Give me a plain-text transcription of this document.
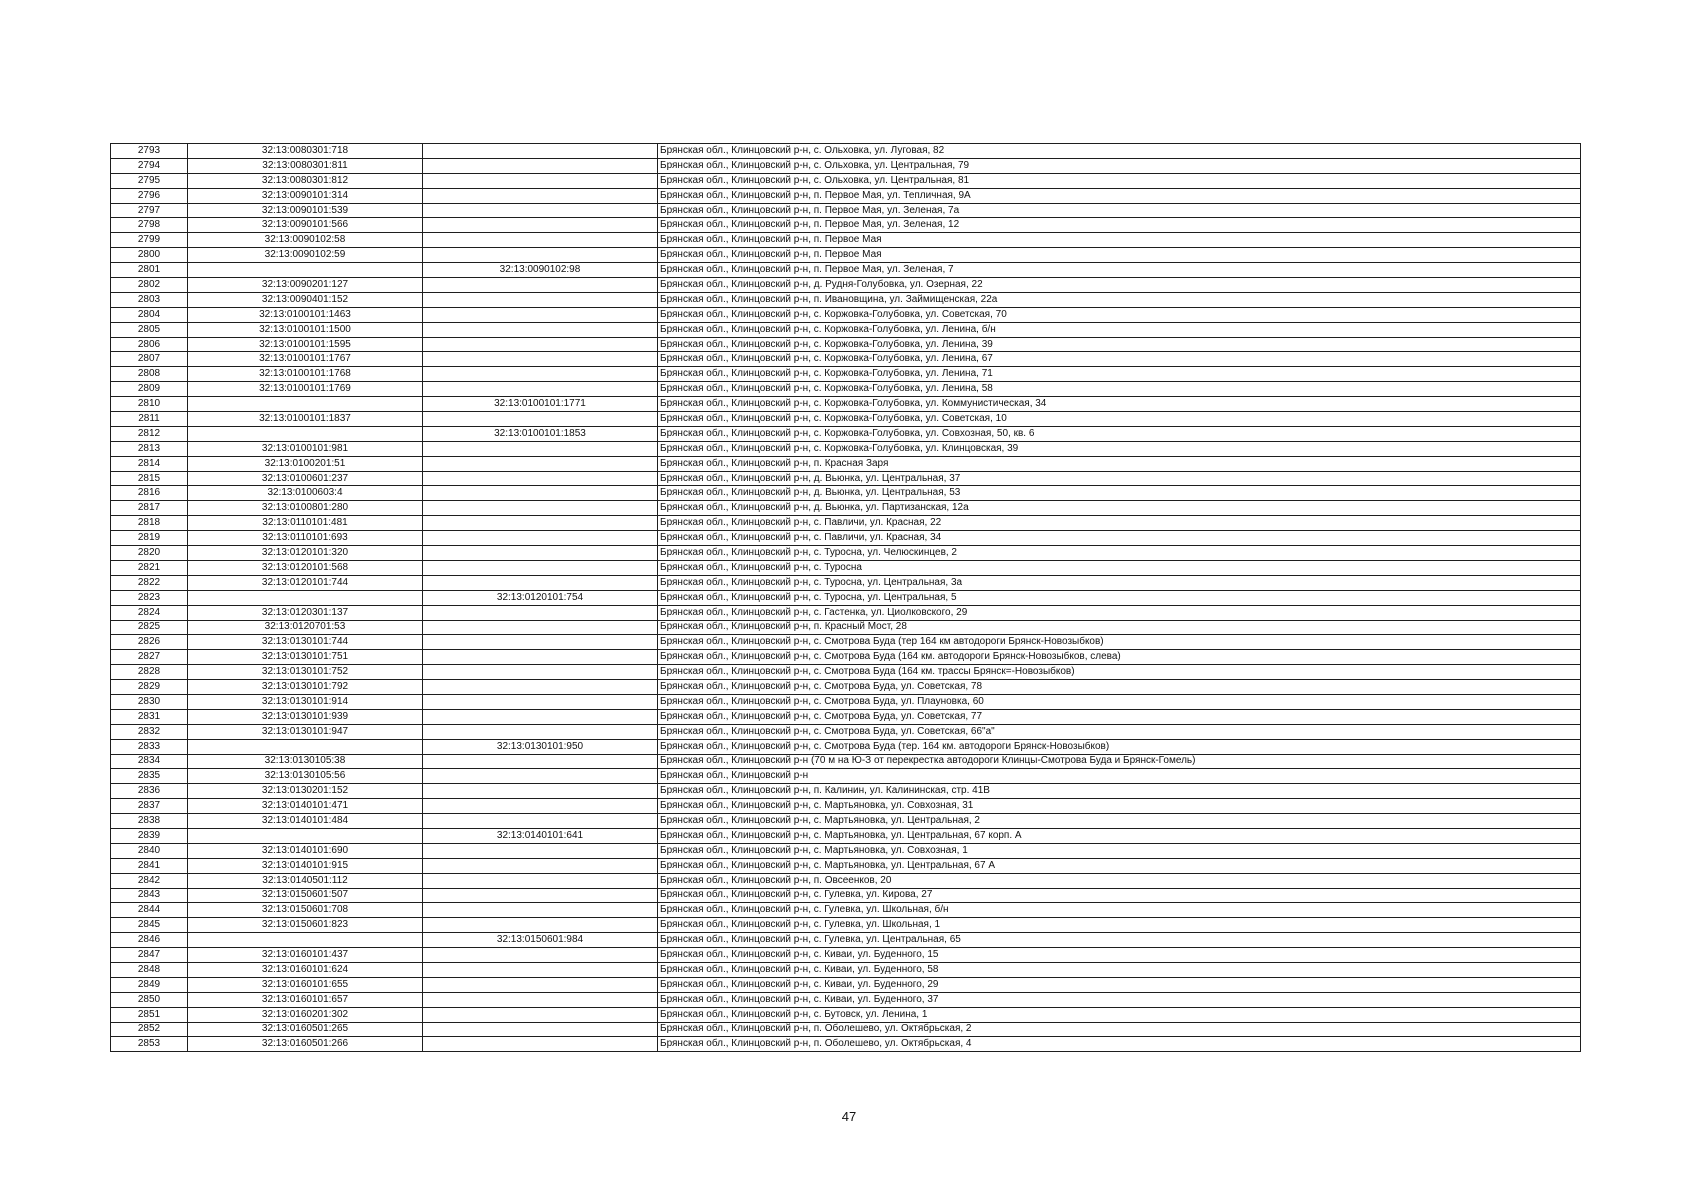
2793	32:13:0080301:718		Брянская обл., Клинцовский р-н, с. Ольховка, ул. Луговая, 82
2794	32:13:0080301:811		Брянская обл., Клинцовский р-н, с. Ольховка, ул. Центральная, 79
2795	32:13:0080301:812		Брянская обл., Клинцовский р-н, с. Ольховка, ул. Центральная, 81
2796	32:13:0090101:314		Брянская обл., Клинцовский р-н, п. Первое Мая, ул. Тепличная, 9А
2797	32:13:0090101:539		Брянская обл., Клинцовский р-н, п. Первое Мая, ул. Зеленая, 7а
2798	32:13:0090101:566		Брянская обл., Клинцовский р-н, п. Первое Мая, ул. Зеленая, 12
2799	32:13:0090102:58		Брянская обл., Клинцовский р-н, п. Первое Мая
2800	32:13:0090102:59		Брянская обл., Клинцовский р-н, п. Первое Мая
2801		32:13:0090102:98	Брянская обл., Клинцовский р-н, п. Первое Мая, ул. Зеленая, 7
2802	32:13:0090201:127		Брянская обл., Клинцовский р-н, д. Рудня-Голубовка, ул. Озерная, 22
2803	32:13:0090401:152		Брянская обл., Клинцовский р-н, п. Ивановщина, ул. Займищенская, 22а
2804	32:13:0100101:1463		Брянская обл., Клинцовский р-н, с. Коржовка-Голубовка, ул. Советская, 70
2805	32:13:0100101:1500		Брянская обл., Клинцовский р-н, с. Коржовка-Голубовка, ул. Ленина, б/н
2806	32:13:0100101:1595		Брянская обл., Клинцовский р-н, с. Коржовка-Голубовка, ул. Ленина, 39
2807	32:13:0100101:1767		Брянская обл., Клинцовский р-н, с. Коржовка-Голубовка, ул. Ленина, 67
2808	32:13:0100101:1768		Брянская обл., Клинцовский р-н, с. Коржовка-Голубовка, ул. Ленина, 71
2809	32:13:0100101:1769		Брянская обл., Клинцовский р-н, с. Коржовка-Голубовка, ул. Ленина, 58
2810		32:13:0100101:1771	Брянская обл., Клинцовский р-н, с. Коржовка-Голубовка, ул. Коммунистическая, 34
2811	32:13:0100101:1837		Брянская обл., Клинцовский р-н, с. Коржовка-Голубовка, ул. Советская, 10
2812		32:13:0100101:1853	Брянская обл., Клинцовский р-н, с. Коржовка-Голубовка, ул. Совхозная, 50, кв. 6
2813	32:13:0100101:981		Брянская обл., Клинцовский р-н, с. Коржовка-Голубовка, ул. Клинцовская, 39
2814	32:13:0100201:51		Брянская обл., Клинцовский р-н, п. Красная Заря
2815	32:13:0100601:237		Брянская обл., Клинцовский р-н, д. Вьюнка, ул. Центральная, 37
2816	32:13:0100603:4		Брянская обл., Клинцовский р-н, д. Вьюнка, ул. Центральная, 53
2817	32:13:0100801:280		Брянская обл., Клинцовский р-н, д. Вьюнка, ул. Партизанская, 12а
2818	32:13:0110101:481		Брянская обл., Клинцовский р-н, с. Павличи, ул. Красная, 22
2819	32:13:0110101:693		Брянская обл., Клинцовский р-н, с. Павличи, ул. Красная, 34
2820	32:13:0120101:320		Брянская обл., Клинцовский р-н, с. Туросна, ул. Челюскинцев, 2
2821	32:13:0120101:568		Брянская обл., Клинцовский р-н, с. Туросна
2822	32:13:0120101:744		Брянская обл., Клинцовский р-н, с. Туросна, ул. Центральная, 3а
2823		32:13:0120101:754	Брянская обл., Клинцовский р-н, с. Туросна, ул. Центральная, 5
2824	32:13:0120301:137		Брянская обл., Клинцовский р-н, с. Гастенка, ул. Циолковского, 29
2825	32:13:0120701:53		Брянская обл., Клинцовский р-н, п. Красный Мост, 28
2826	32:13:0130101:744		Брянская обл., Клинцовский р-н, с. Смотрова Буда (тер 164 км автодороги Брянск-Новозыбков)
2827	32:13:0130101:751		Брянская обл., Клинцовский р-н, с. Смотрова Буда (164 км. автодороги Брянск-Новозыбков, слева)
2828	32:13:0130101:752		Брянская обл., Клинцовский р-н, с. Смотрова Буда (164 км. трассы Брянск=-Новозыбков)
2829	32:13:0130101:792		Брянская обл., Клинцовский р-н, с. Смотрова Буда, ул. Советская, 78
2830	32:13:0130101:914		Брянская обл., Клинцовский р-н, с. Смотрова Буда, ул. Плауновка, 60
2831	32:13:0130101:939		Брянская обл., Клинцовский р-н, с. Смотрова Буда, ул. Советская, 77
2832	32:13:0130101:947		Брянская обл., Клинцовский р-н, с. Смотрова Буда, ул. Советская, 66"а"
2833		32:13:0130101:950	Брянская обл., Клинцовский р-н, с. Смотрова Буда (тер. 164 км. автодороги Брянск-Новозыбков)
2834	32:13:0130105:38		Брянская обл., Клинцовский р-н (70 м на Ю-З от перекрестка автодороги Клинцы-Смотрова Буда и Брянск-Гомель)
2835	32:13:0130105:56		Брянская обл., Клинцовский р-н
2836	32:13:0130201:152		Брянская обл., Клинцовский р-н, п. Калинин, ул. Калининская, стр. 41В
2837	32:13:0140101:471		Брянская обл., Клинцовский р-н, с. Мартьяновка, ул. Совхозная, 31
2838	32:13:0140101:484		Брянская обл., Клинцовский р-н, с. Мартьяновка, ул. Центральная, 2
2839		32:13:0140101:641	Брянская обл., Клинцовский р-н, с. Мартьяновка, ул. Центральная, 67 корп. А
2840	32:13:0140101:690		Брянская обл., Клинцовский р-н, с. Мартьяновка, ул. Совхозная, 1
2841	32:13:0140101:915		Брянская обл., Клинцовский р-н, с. Мартьяновка, ул. Центральная, 67 А
2842	32:13:0140501:112		Брянская обл., Клинцовский р-н, п. Овсеенков, 20
2843	32:13:0150601:507		Брянская обл., Клинцовский р-н, с. Гулевка, ул. Кирова, 27
2844	32:13:0150601:708		Брянская обл., Клинцовский р-н, с. Гулевка, ул. Школьная, б/н
2845	32:13:0150601:823		Брянская обл., Клинцовский р-н, с. Гулевка, ул. Школьная, 1
2846		32:13:0150601:984	Брянская обл., Клинцовский р-н, с. Гулевка, ул. Центральная, 65
2847	32:13:0160101:437		Брянская обл., Клинцовский р-н, с. Киваи, ул. Буденного, 15
2848	32:13:0160101:624		Брянская обл., Клинцовский р-н, с. Киваи, ул. Буденного, 58
2849	32:13:0160101:655		Брянская обл., Клинцовский р-н, с. Киваи, ул. Буденного, 29
2850	32:13:0160101:657		Брянская обл., Клинцовский р-н, с. Киваи, ул. Буденного, 37
2851	32:13:0160201:302		Брянская обл., Клинцовский р-н, с. Бутовск, ул. Ленина, 1
2852	32:13:0160501:265		Брянская обл., Клинцовский р-н, п. Оболешево, ул. Октябрьская, 2
2853	32:13:0160501:266		Брянская обл., Клинцовский р-н, п. Оболешево, ул. Октябрьская, 4
47
